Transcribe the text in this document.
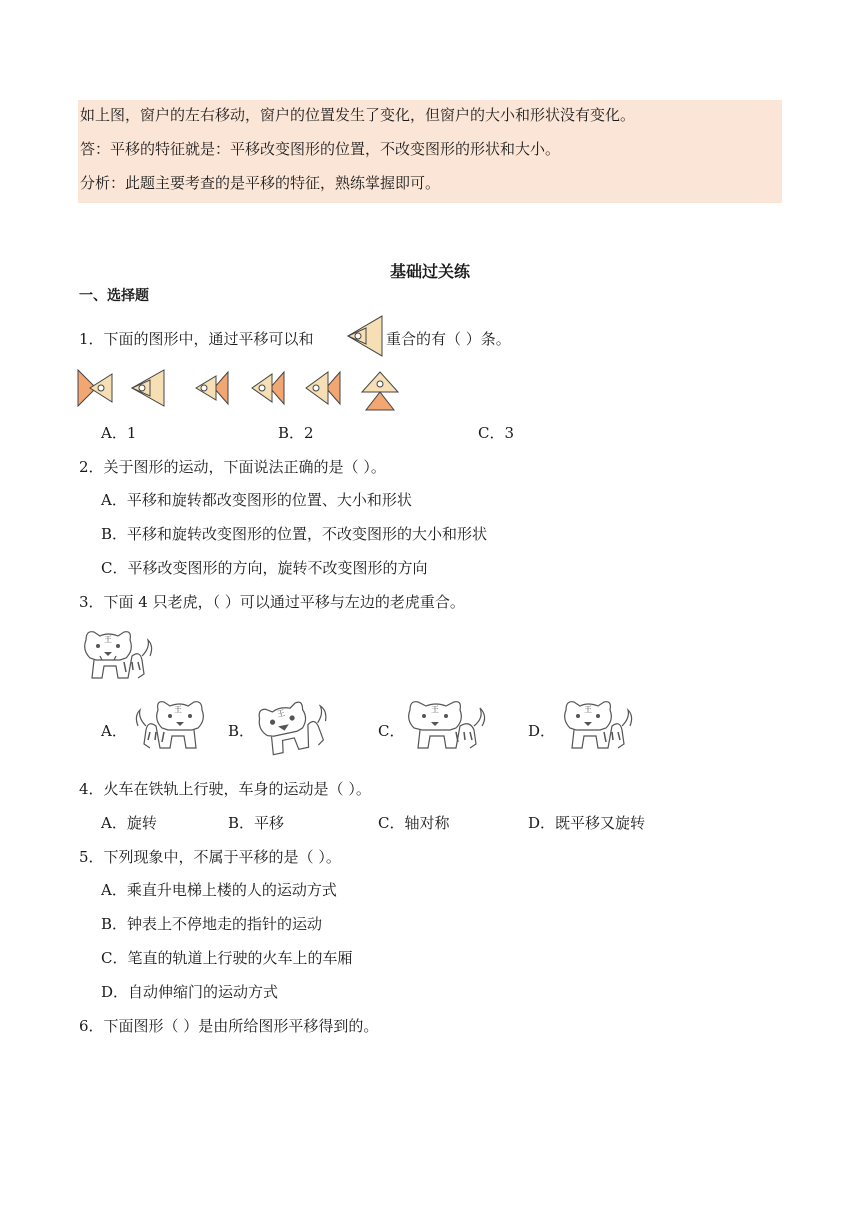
如上图，窗户的左右移动，窗户的位置发生了变化，但窗户的大小和形状没有变化。
答：平移的特征就是：平移改变图形的位置，不改变图形的形状和大小。
分析：此题主要考查的是平移的特征，熟练掌握即可。
基础过关练
一、选择题
1．下面的图形中，通过平移可以和	重合的有（ ）条。
A．1	B．2	C．3
2．关于图形的运动，下面说法正确的是（ ）。
A．平移和旋转都改变图形的位置、大小和形状
B．平移和旋转改变图形的位置，不改变图形的大小和形状
C．平移改变图形的方向，旋转不改变图形的方向
3．下面 4 只老虎，（ ）可以通过平移与左边的老虎重合。
王
A．
王
B．
王
C．
王
D．
王
4．火车在铁轨上行驶，车身的运动是（ ）。
A．旋转	B．平移	C．轴对称	D．既平移又旋转
5．下列现象中，不属于平移的是（ ）。
A．乘直升电梯上楼的人的运动方式
B．钟表上不停地走的指针的运动
C．笔直的轨道上行驶的火车上的车厢
D．自动伸缩门的运动方式
6．下面图形（ ）是由所给图形平移得到的。
